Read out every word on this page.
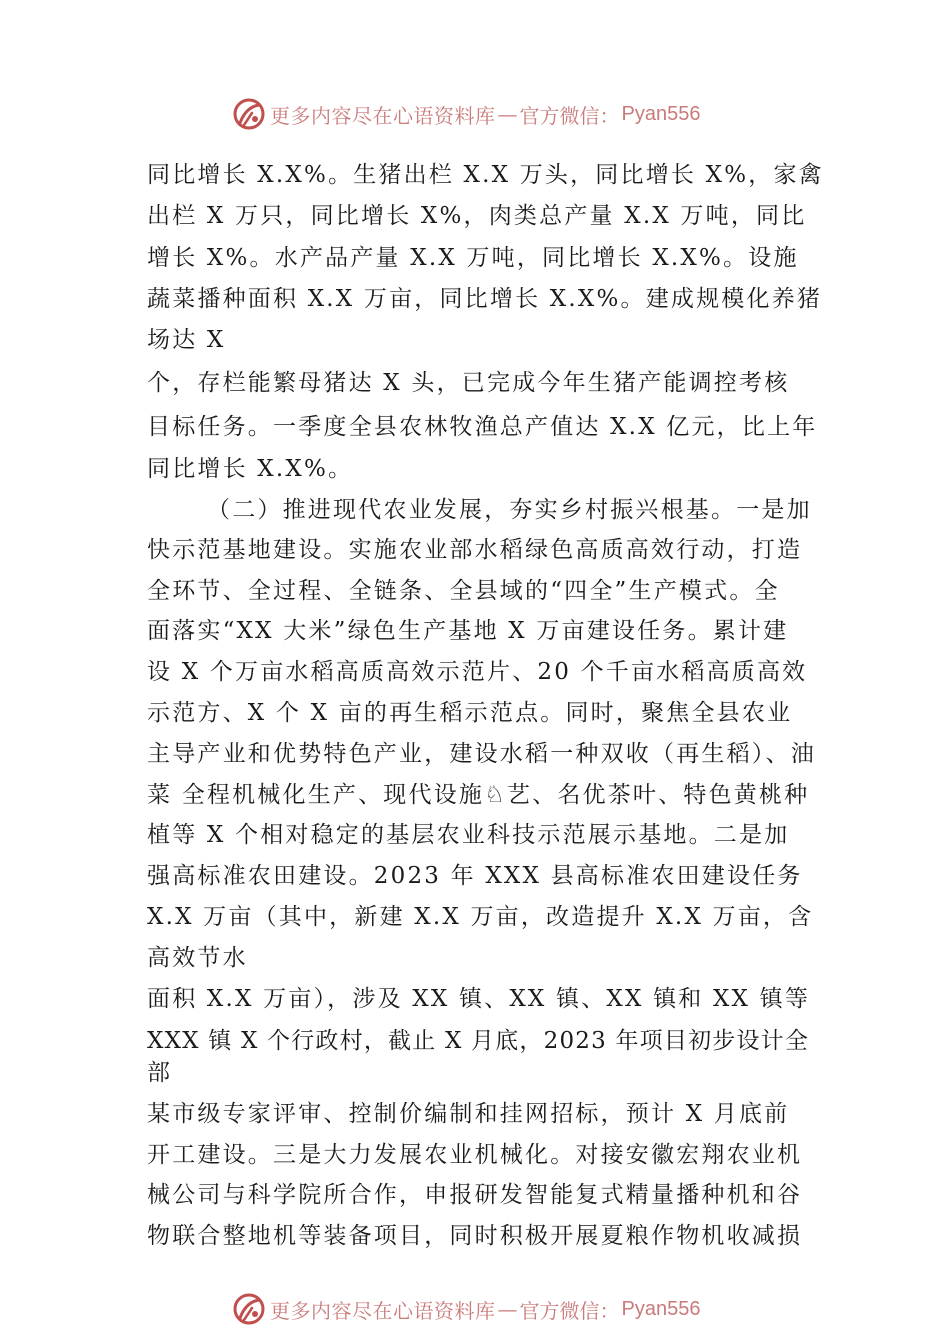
更多内容尽在心语资料库 — 官方微信： Pyan556
同比增长 X.X%。生猪出栏 X.X 万头，同比增长 X%，家禽
出栏 X 万只，同比增长 X%，肉类总产量 X.X 万吨，同比
增长 X%。水产品产量 X.X 万吨，同比增长 X.X%。设施
蔬菜播种面积 X.X 万亩，同比增长 X.X%。建成规模化养猪
场达 X
个，存栏能繁母猪达 X 头，已完成今年生猪产能调控考核
目标任务。一季度全县农林牧渔总产值达 X.X 亿元，比上年
同比增长 X.X%。
（二）推进现代农业发展，夯实乡村振兴根基。一是加
快示范基地建设。实施农业部水稻绿色高质高效行动，打造
全环节、全过程、全链条、全县域的“四全”生产模式。全
面落实“XX 大米”绿色生产基地 X 万亩建设任务。累计建
设 X 个万亩水稻高质高效示范片、20 个千亩水稻高质高效
示范方、X 个 X 亩的再生稻示范点。同时，聚焦全县农业
主导产业和优势特色产业，建设水稻一种双收（再生稻）、油
菜 全程机械化生产、现代设施♘艺、名优茶叶、特色黄桃种
植等 X 个相对稳定的基层农业科技示范展示基地。二是加
强高标准农田建设。2023 年 XXX 县高标准农田建设任务
X.X 万亩（其中，新建 X.X 万亩，改造提升 X.X 万亩，含
高效节水
面积 X.X 万亩），涉及 XX 镇、XX 镇、XX 镇和 XX 镇等
XXX 镇 X 个行政村，截止 X 月底，2023 年项目初步设计全
部
某市级专家评审、控制价编制和挂网招标，预计 X 月底前
开工建设。三是大力发展农业机械化。对接安徽宏翔农业机
械公司与科学院所合作，申报研发智能复式精量播种机和谷
物联合整地机等装备项目，同时积极开展夏粮作物机收减损
更多内容尽在心语资料库 — 官方微信： Pyan556
